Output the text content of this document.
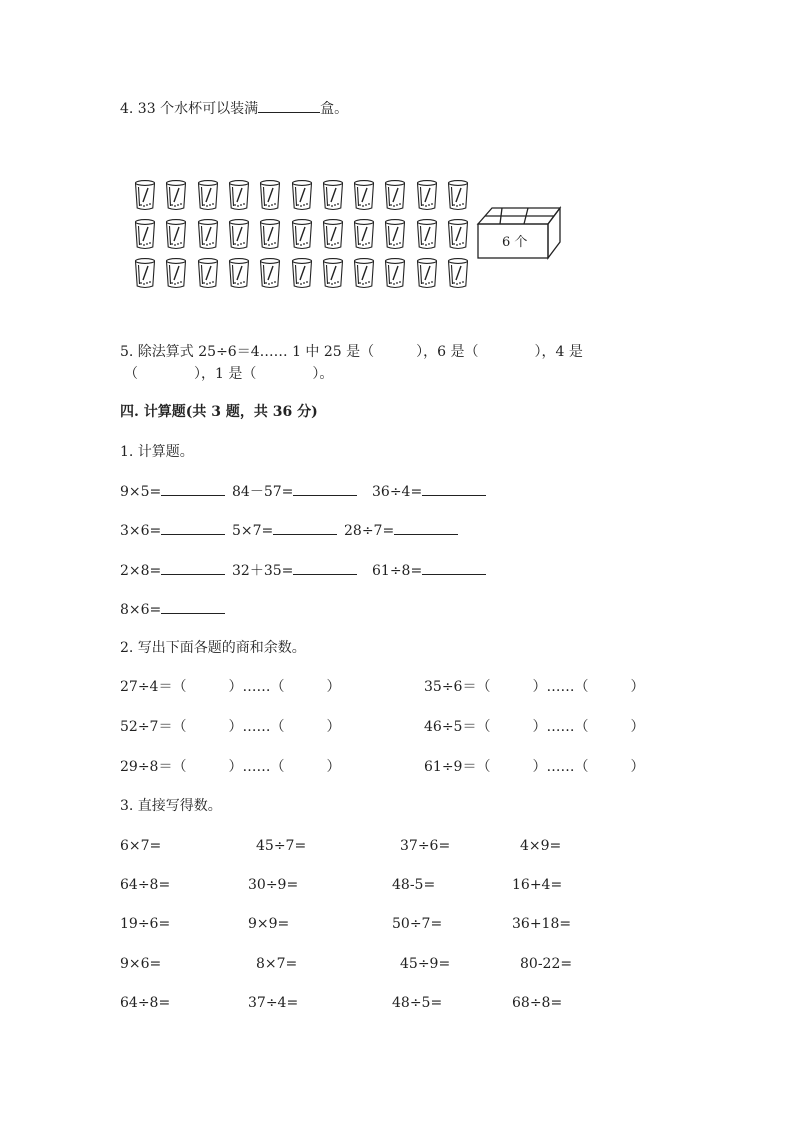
4. 33 个水杯可以装满	盒。
6 个
5. 除法算式 25÷6＝4…… 1 中 25 是（　　　），6 是（　　　　），4 是
（　　　　），1 是（　　　　）。
四. 计算题(共 3 题，共 36 分)
1. 计算题。
9×5=	84－57=	36÷4=
3×6=	5×7=	28÷7=
2×8=	32＋35=	61÷8=
8×6=
2. 写出下面各题的商和余数。
27÷4＝（　　　）……（　　　）	35÷6＝（　　　）……（　　　）
52÷7＝（　　　）……（　　　）	46÷5＝（　　　）……（　　　）
29÷8＝（　　　）……（　　　）	61÷9＝（　　　）……（　　　）
3. 直接写得数。
6×7=	45÷7=	37÷6=	4×9=
64÷8=	30÷9=	48-5=	16+4=
19÷6=	9×9=	50÷7=	36+18=
9×6=	8×7=	45÷9=	80-22=
64÷8=	37÷4=	48÷5=	68÷8=
